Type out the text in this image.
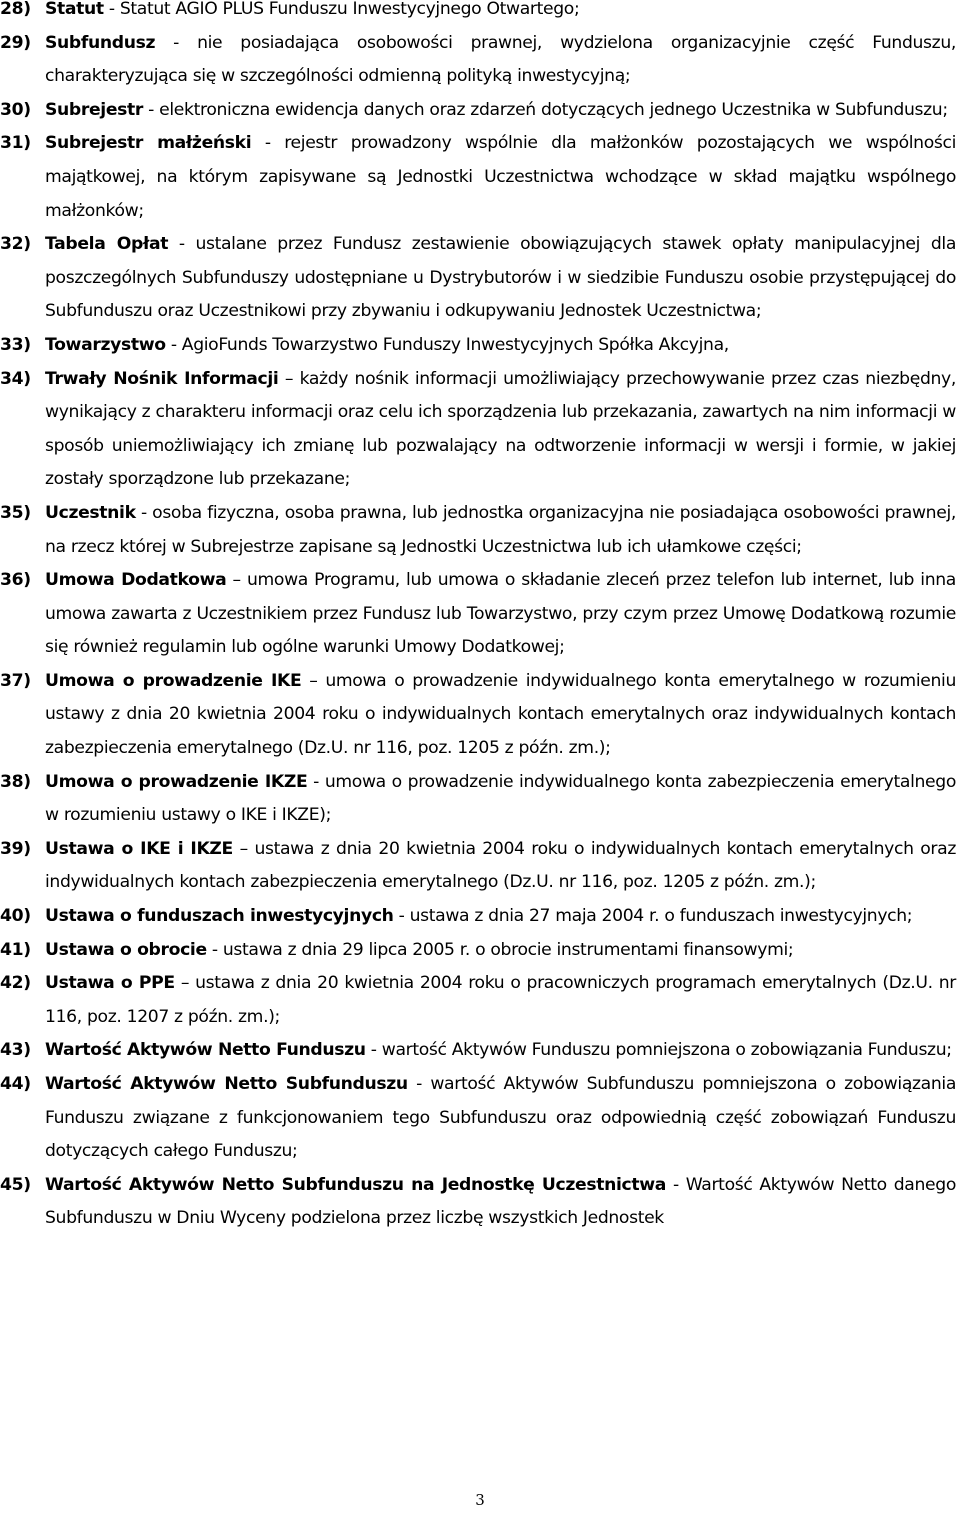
28) Statut - Statut AGIO PLUS Funduszu Inwestycyjnego Otwartego;
29) Subfundusz - nie posiadająca osobowości prawnej, wydzielona organizacyjnie część Funduszu, charakteryzująca się w szczególności odmienną polityką inwestycyjną;
30) Subrejestr - elektroniczna ewidencja danych oraz zdarzeń dotyczących jednego Uczestnika w Subfunduszu;
31) Subrejestr małżeński - rejestr prowadzony wspólnie dla małżonków pozostających we wspólności majątkowej, na którym zapisywane są Jednostki Uczestnictwa wchodzące w skład majątku wspólnego małżonków;
32) Tabela Opłat - ustalane przez Fundusz zestawienie obowiązujących stawek opłaty manipulacyjnej dla poszczególnych Subfunduszy udostępniane u Dystrybutorów i w siedzibie Funduszu osobie przystępującej do Subfunduszu oraz Uczestnikowi przy zbywaniu i odkupywaniu Jednostek Uczestnictwa;
33) Towarzystwo - AgioFunds Towarzystwo Funduszy Inwestycyjnych Spółka Akcyjna,
34) Trwały Nośnik Informacji – każdy nośnik informacji umożliwiający przechowywanie przez czas niezbędny, wynikający z charakteru informacji oraz celu ich sporządzenia lub przekazania, zawartych na nim informacji w sposób uniemożliwiający ich zmianę lub pozwalający na odtworzenie informacji w wersji i formie, w jakiej zostały sporządzone lub przekazane;
35) Uczestnik - osoba fizyczna, osoba prawna, lub jednostka organizacyjna nie posiadająca osobowości prawnej, na rzecz której w Subrejestrze zapisane są Jednostki Uczestnictwa lub ich ułamkowe części;
36) Umowa Dodatkowa – umowa Programu, lub umowa o składanie zleceń przez telefon lub internet, lub inna umowa zawarta z Uczestnikiem przez Fundusz lub Towarzystwo, przy czym przez Umowę Dodatkową rozumie się również regulamin lub ogólne warunki Umowy Dodatkowej;
37) Umowa o prowadzenie IKE – umowa o prowadzenie indywidualnego konta emerytalnego w rozumieniu ustawy z dnia 20 kwietnia 2004 roku o indywidualnych kontach emerytalnych oraz indywidualnych kontach zabezpieczenia emerytalnego (Dz.U. nr 116, poz. 1205 z późn. zm.);
38) Umowa o prowadzenie IKZE - umowa o prowadzenie indywidualnego konta zabezpieczenia emerytalnego w rozumieniu ustawy o IKE i IKZE);
39) Ustawa o IKE i IKZE – ustawa z dnia 20 kwietnia 2004 roku o indywidualnych kontach emerytalnych oraz indywidualnych kontach zabezpieczenia emerytalnego (Dz.U. nr 116, poz. 1205 z późn. zm.);
40) Ustawa o funduszach inwestycyjnych - ustawa z dnia 27 maja 2004 r. o funduszach inwestycyjnych;
41) Ustawa o obrocie - ustawa z dnia 29 lipca 2005 r. o obrocie instrumentami finansowymi;
42) Ustawa o PPE – ustawa z dnia 20 kwietnia 2004 roku o pracowniczych programach emerytalnych (Dz.U. nr 116, poz. 1207 z późn. zm.);
43) Wartość Aktywów Netto Funduszu - wartość Aktywów Funduszu pomniejszona o zobowiązania Funduszu;
44) Wartość Aktywów Netto Subfunduszu - wartość Aktywów Subfunduszu pomniejszona o zobowiązania Funduszu związane z funkcjonowaniem tego Subfunduszu oraz odpowiednią część zobowiązań Funduszu dotyczących całego Funduszu;
45) Wartość Aktywów Netto Subfunduszu na Jednostkę Uczestnictwa - Wartość Aktywów Netto danego Subfunduszu w Dniu Wyceny podzielona przez liczbę wszystkich Jednostek
3
